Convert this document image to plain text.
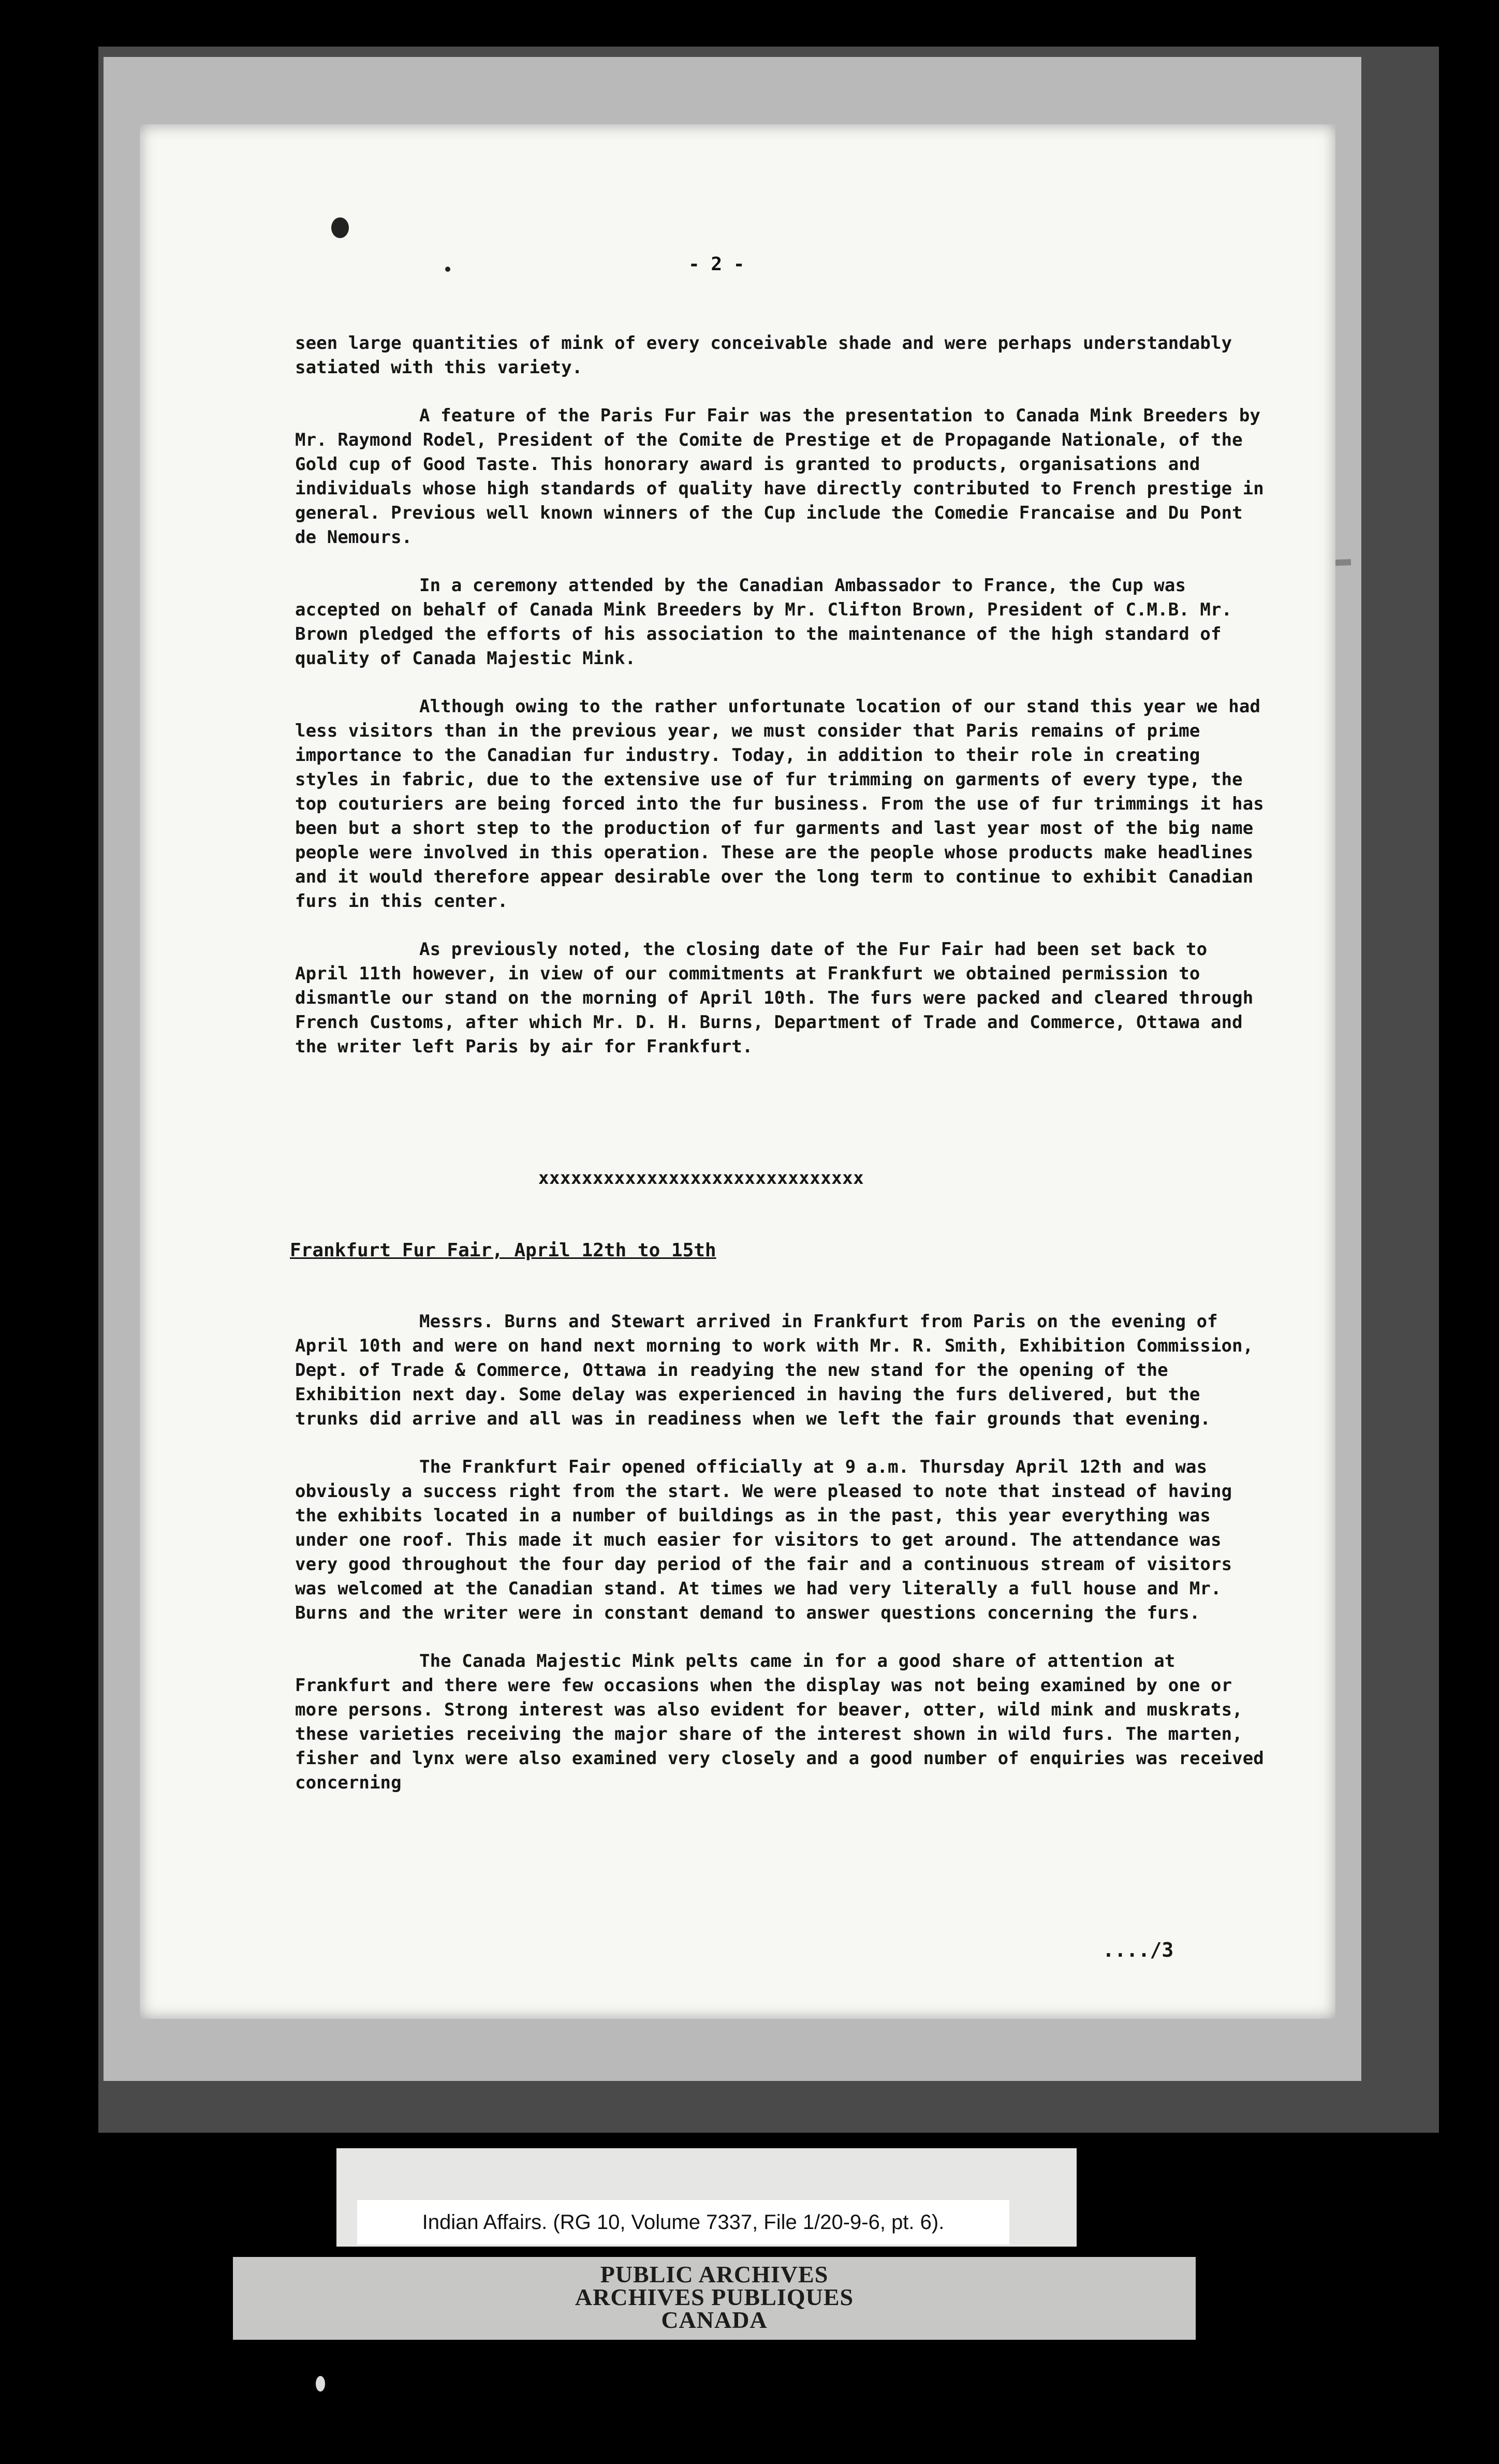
- 2 -

seen large quantities of mink of every conceivable shade and were perhaps understandably satiated with this variety.

A feature of the Paris Fur Fair was the presentation to Canada Mink Breeders by Mr. Raymond Rodel, President of the Comite de Prestige et de Propagande Nationale, of the Gold cup of Good Taste. This honorary award is granted to products, organisations and individuals whose high standards of quality have directly contributed to French prestige in general. Previous well known winners of the Cup include the Comedie Francaise and Du Pont de Nemours.

In a ceremony attended by the Canadian Ambassador to France, the Cup was accepted on behalf of Canada Mink Breeders by Mr. Clifton Brown, President of C.M.B. Mr. Brown pledged the efforts of his association to the maintenance of the high standard of quality of Canada Majestic Mink.

Although owing to the rather unfortunate location of our stand this year we had less visitors than in the previous year, we must consider that Paris remains of prime importance to the Canadian fur industry. Today, in addition to their role in creating styles in fabric, due to the extensive use of fur trimming on garments of every type, the top couturiers are being forced into the fur business. From the use of fur trimmings it has been but a short step to the production of fur garments and last year most of the big name people were involved in this operation. These are the people whose products make headlines and it would therefore appear desirable over the long term to continue to exhibit Canadian furs in this center.

As previously noted, the closing date of the Fur Fair had been set back to April 11th however, in view of our commitments at Frankfurt we obtained permission to dismantle our stand on the morning of April 10th. The furs were packed and cleared through French Customs, after which Mr. D. H. Burns, Department of Trade and Commerce, Ottawa and the writer left Paris by air for Frankfurt.

xxxxxxxxxxxxxxxxxxxxxxxxxxxxxx
Frankfurt Fur Fair, April 12th to 15th

Messrs. Burns and Stewart arrived in Frankfurt from Paris on the evening of April 10th and were on hand next morning to work with Mr. R. Smith, Exhibition Commission, Dept. of Trade & Commerce, Ottawa in readying the new stand for the opening of the Exhibition next day. Some delay was experienced in having the furs delivered, but the trunks did arrive and all was in readiness when we left the fair grounds that evening.

The Frankfurt Fair opened officially at 9 a.m. Thursday April 12th and was obviously a success right from the start. We were pleased to note that instead of having the exhibits located in a number of buildings as in the past, this year everything was under one roof. This made it much easier for visitors to get around. The attendance was very good throughout the four day period of the fair and a continuous stream of visitors was welcomed at the Canadian stand. At times we had very literally a full house and Mr. Burns and the writer were in constant demand to answer questions concerning the furs.

The Canada Majestic Mink pelts came in for a good share of attention at Frankfurt and there were few occasions when the display was not being examined by one or more persons. Strong interest was also evident for beaver, otter, wild mink and muskrats, these varieties receiving the major share of the interest shown in wild furs. The marten, fisher and lynx were also examined very closely and a good number of enquiries was received concerning

..../3
Indian Affairs. (RG 10, Volume 7337, File 1/20-9-6, pt. 6).
PUBLIC ARCHIVES
ARCHIVES PUBLIQUES
CANADA
